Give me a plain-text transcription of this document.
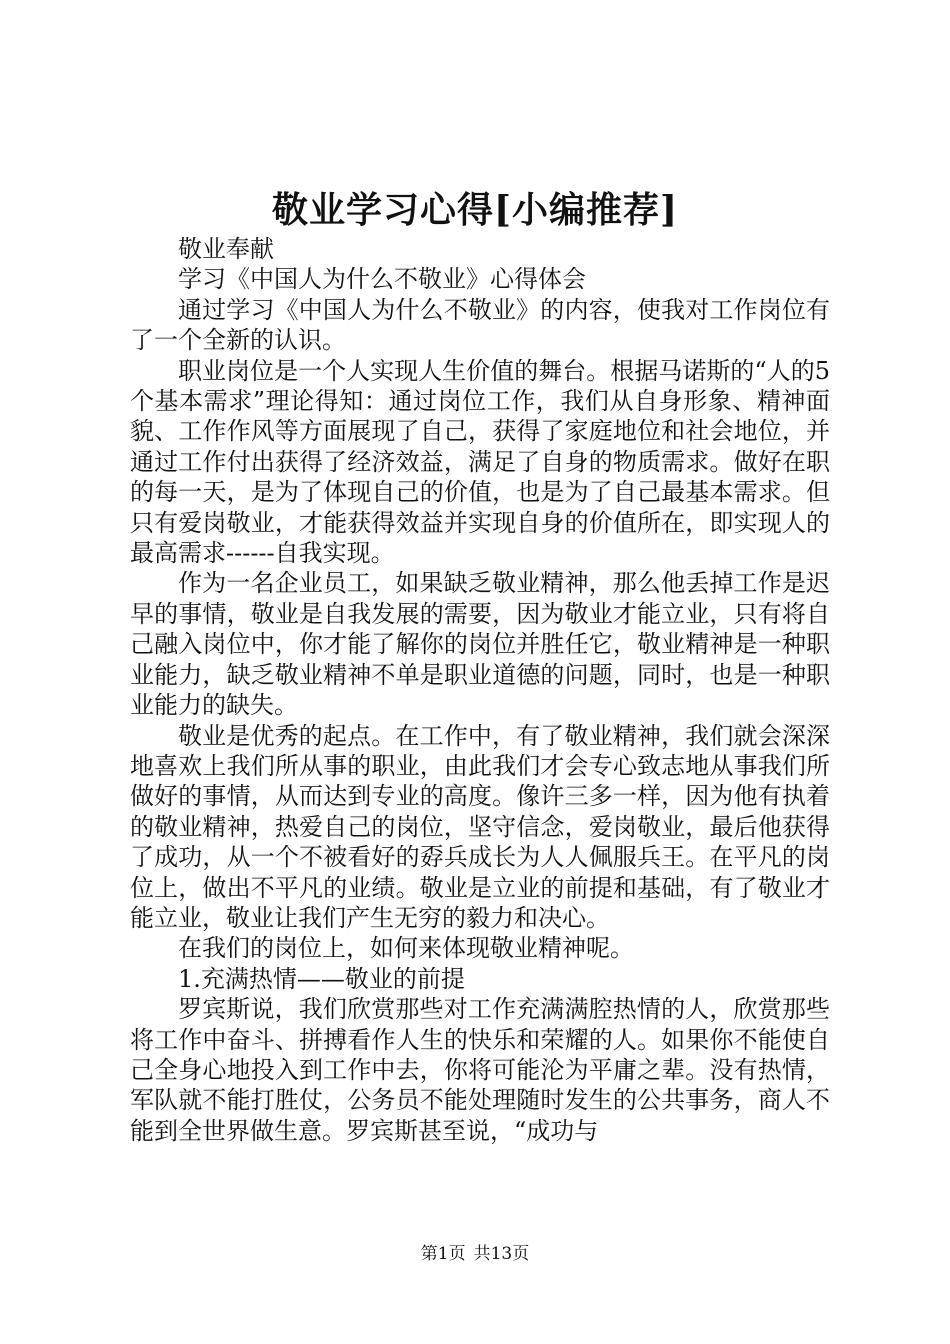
敬业学习心得[小编推荐]

敬业奉献

学习《中国人为什么不敬业》心得体会

通过学习《中国人为什么不敬业》的内容，使我对工作岗位有了一个全新的认识。

职业岗位是一个人实现人生价值的舞台。根据马诺斯的“人的5个基本需求”理论得知：通过岗位工作，我们从自身形象、精神面貌、工作作风等方面展现了自己，获得了家庭地位和社会地位，并通过工作付出获得了经济效益，满足了自身的物质需求。做好在职的每一天，是为了体现自己的价值，也是为了自己最基本需求。但只有爱岗敬业，才能获得效益并实现自身的价值所在，即实现人的最高需求------自我实现。

作为一名企业员工，如果缺乏敬业精神，那么他丢掉工作是迟早的事情，敬业是自我发展的需要，因为敬业才能立业，只有将自己融入岗位中，你才能了解你的岗位并胜任它，敬业精神是一种职业能力，缺乏敬业精神不单是职业道德的问题，同时，也是一种职业能力的缺失。

敬业是优秀的起点。在工作中，有了敬业精神，我们就会深深地喜欢上我们所从事的职业，由此我们才会专心致志地从事我们所做好的事情，从而达到专业的高度。像许三多一样，因为他有执着的敬业精神，热爱自己的岗位，坚守信念，爱岗敬业，最后他获得了成功，从一个不被看好的孬兵成长为人人佩服兵王。在平凡的岗位上，做出不平凡的业绩。敬业是立业的前提和基础，有了敬业才能立业，敬业让我们产生无穷的毅力和决心。

在我们的岗位上，如何来体现敬业精神呢。

1.充满热情——敬业的前提

罗宾斯说，我们欣赏那些对工作充满满腔热情的人，欣赏那些将工作中奋斗、拼搏看作人生的快乐和荣耀的人。如果你不能使自己全身心地投入到工作中去，你将可能沦为平庸之辈。没有热情，军队就不能打胜仗，公务员不能处理随时发生的公共事务，商人不能到全世界做生意。罗宾斯甚至说，“成功与

第1页 共13页
